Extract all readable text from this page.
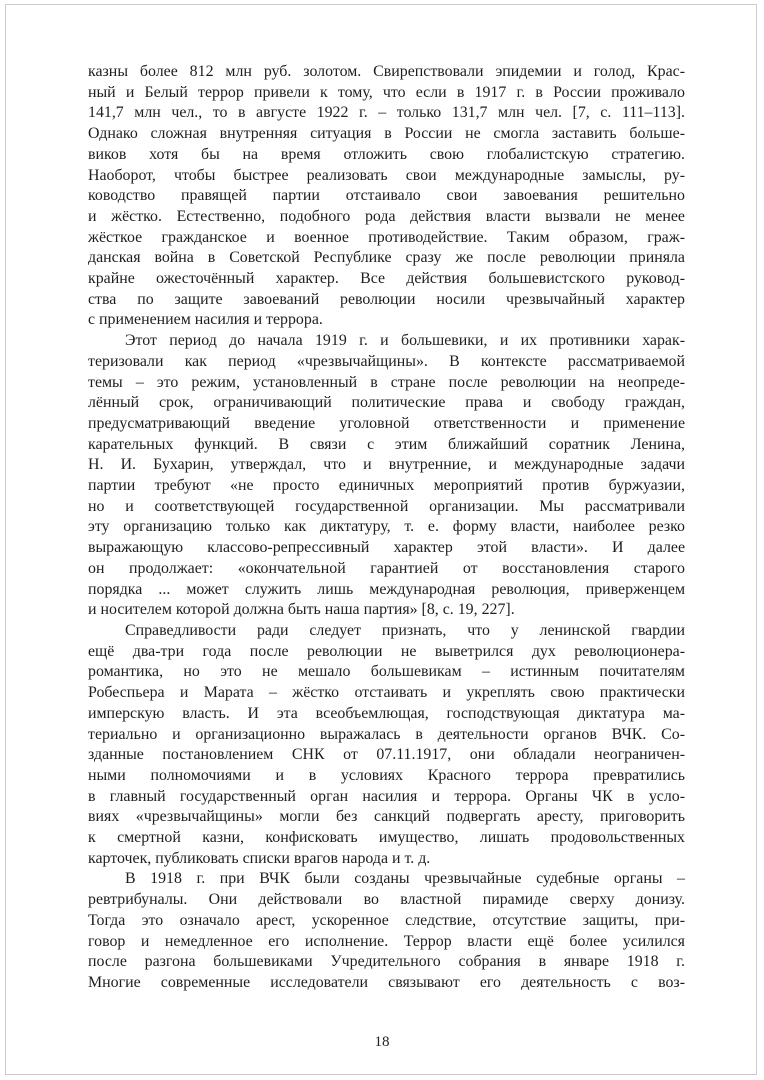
казны более 812 млн руб. золотом. Свирепствовали эпидемии и голод, Крас-
ный и Белый террор привели к тому, что если в 1917 г. в России проживало
141,7 млн чел., то в августе 1922 г. – только 131,7 млн чел. [7, с. 111–113].
Однако сложная внутренняя ситуация в России не смогла заставить больше-
виков хотя бы на время отложить свою глобалистскую стратегию.
Наоборот, чтобы быстрее реализовать свои международные замыслы, ру-
ководство правящей партии отстаивало свои завоевания решительно
и жёстко. Естественно, подобного рода действия власти вызвали не менее
жёсткое гражданское и военное противодействие. Таким образом, граж-
данская война в Советской Республике сразу же после революции приняла
крайне ожесточённый характер. Все действия большевистского руковод-
ства по защите завоеваний революции носили чрезвычайный характер
с применением насилия и террора.
Этот период до начала 1919 г. и большевики, и их противники харак-
теризовали как период «чрезвычайщины». В контексте рассматриваемой
темы – это режим, установленный в стране после революции на неопреде-
лённый срок, ограничивающий политические права и свободу граждан,
предусматривающий введение уголовной ответственности и применение
карательных функций. В связи с этим ближайший соратник Ленина,
Н. И. Бухарин, утверждал, что и внутренние, и международные задачи
партии требуют «не просто единичных мероприятий против буржуазии,
но и соответствующей государственной организации. Мы рассматривали
эту организацию только как диктатуру, т. е. форму власти, наиболее резко
выражающую классово-репрессивный характер этой власти». И далее
он продолжает: «окончательной гарантией от восстановления старого
порядка ... может служить лишь международная революция, приверженцем
и носителем которой должна быть наша партия» [8, с. 19, 227].
Справедливости ради следует признать, что у ленинской гвардии
ещё два-три года после революции не выветрился дух революционера-
романтика, но это не мешало большевикам – истинным почитателям
Робеспьера и Марата – жёстко отстаивать и укреплять свою практически
имперскую власть. И эта всеобъемлющая, господствующая диктатура ма-
териально и организационно выражалась в деятельности органов ВЧК. Со-
зданные постановлением СНК от 07.11.1917, они обладали неограничен-
ными полномочиями и в условиях Красного террора превратились
в главный государственный орган насилия и террора. Органы ЧК в усло-
виях «чрезвычайщины» могли без санкций подвергать аресту, приговорить
к смертной казни, конфисковать имущество, лишать продовольственных
карточек, публиковать списки врагов народа и т. д.
В 1918 г. при ВЧК были созданы чрезвычайные судебные органы –
ревтрибуналы. Они действовали во властной пирамиде сверху донизу.
Тогда это означало арест, ускоренное следствие, отсутствие защиты, при-
говор и немедленное его исполнение. Террор власти ещё более усилился
после разгона большевиками Учредительного собрания в январе 1918 г.
Многие современные исследователи связывают его деятельность с воз-
18
